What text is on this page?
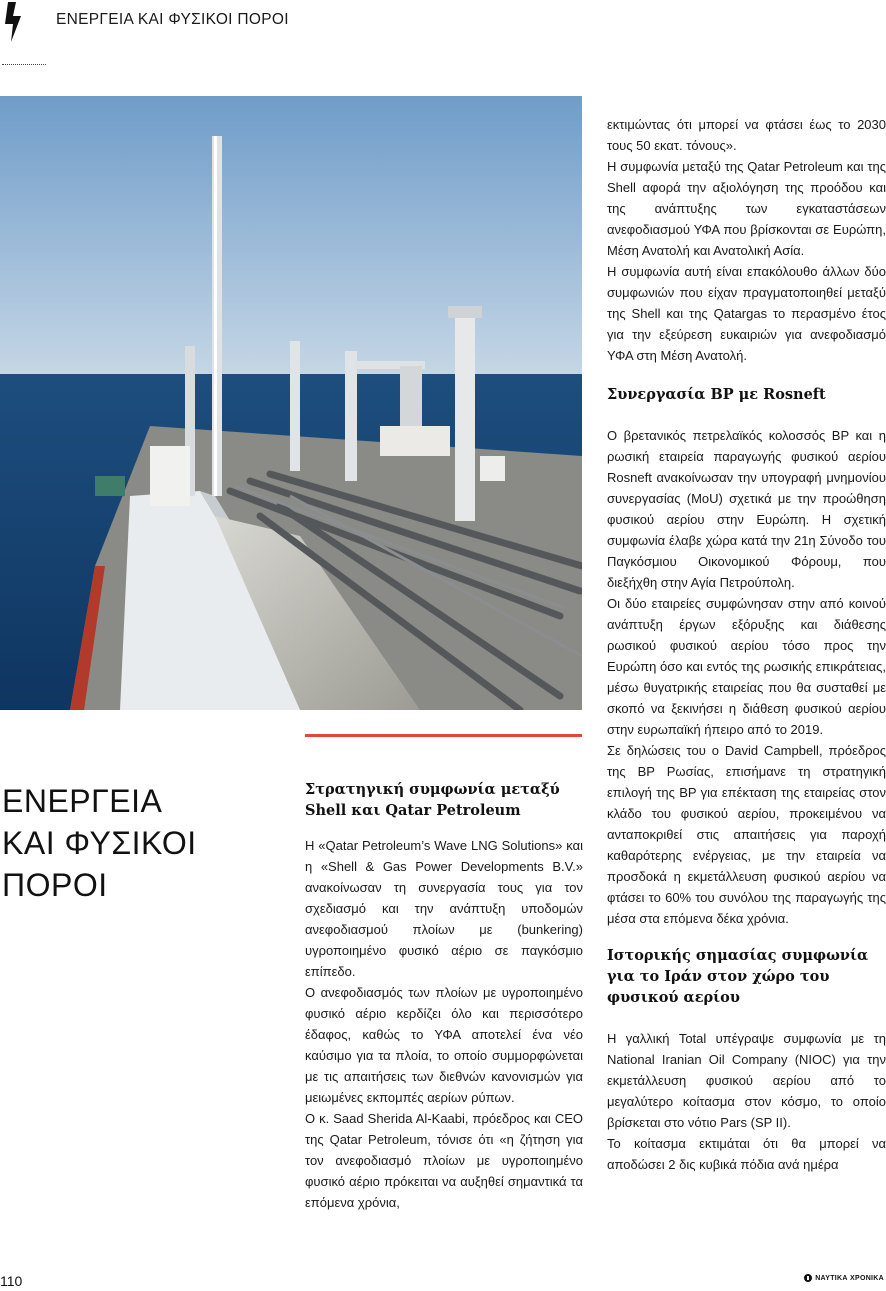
ΕΝΕΡΓΕΙΑ ΚΑΙ ΦΥΣΙΚΟΙ ΠΟΡΟΙ
ΕΝΕΡΓΕΙΑ
ΚΑΙ ΦΥΣΙΚΟΙ
ΠΟΡΟΙ
Στρατηγική συμφωνία μεταξύ Shell και Qatar Petroleum

Η «Qatar Petroleum’s Wave LNG Solutions» και η «Shell & Gas Power Developments B.V.» ανακοίνωσαν τη συνεργασία τους για τον σχεδιασμό και την ανάπτυξη υποδομών ανεφοδιασμού πλοίων με (bunkering) υγροποιημένο φυσικό αέριο σε παγκόσμιο επίπεδο.

Ο ανεφοδιασμός των πλοίων με υγροποιημένο φυσικό αέριο κερδίζει όλο και περισσότερο έδαφος, καθώς το ΥΦΑ αποτελεί ένα νέο καύσιμο για τα πλοία, το οποίο συμμορφώνεται με τις απαιτήσεις των διεθνών κανονισμών για μειωμένες εκπομπές αερίων ρύπων.

Ο κ. Saad Sherida Al-Kaabi, πρόεδρος και CEO της Qatar Petroleum, τόνισε ότι «η ζήτηση για τον ανεφοδιασμό πλοίων με υγροποιημένο φυσικό αέριο πρόκειται να αυξηθεί σημαντικά τα επόμενα χρόνια,

εκτιμώντας ότι μπορεί να φτάσει έως το 2030 τους 50 εκατ. τόνους».

Η συμφωνία μεταξύ της Qatar Petroleum και της Shell αφορά την αξιολόγηση της προόδου και της ανάπτυξης των εγκαταστάσεων ανεφοδιασμού ΥΦΑ που βρίσκονται σε Ευρώπη, Μέση Ανατολή και Ανατολική Ασία.

Η συμφωνία αυτή είναι επακόλουθο άλλων δύο συμφωνιών που είχαν πραγματοποιηθεί μεταξύ της Shell και της Qatargas το περασμένο έτος για την εξεύρεση ευκαιριών για ανεφοδιασμό ΥΦΑ στη Μέση Ανατολή.

Συνεργασία BP με Rosneft

Ο βρετανικός πετρελαϊκός κολοσσός BP και η ρωσική εταιρεία παραγωγής φυσικού αερίου Rosneft ανακοίνωσαν την υπογραφή μνημονίου συνεργασίας (MoU) σχετικά με την προώθηση φυσικού αερίου στην Ευρώπη. Η σχετική συμφωνία έλαβε χώρα κατά την 21η Σύνοδο του Παγκόσμιου Οικονομικού Φόρουμ, που διεξήχθη στην Αγία Πετρούπολη.

Οι δύο εταιρείες συμφώνησαν στην από κοινού ανάπτυξη έργων εξόρυξης και διάθεσης ρωσικού φυσικού αερίου τόσο προς την Ευρώπη όσο και εντός της ρωσικής επικράτειας, μέσω θυγατρικής εταιρείας που θα συσταθεί με σκοπό να ξεκινήσει η διάθεση φυσικού αερίου στην ευρωπαϊκή ήπειρο από το 2019.

Σε δηλώσεις του ο David Campbell, πρόεδρος της BP Ρωσίας, επισήμανε τη στρατηγική επιλογή της BP για επέκταση της εταιρείας στον κλάδο του φυσικού αερίου, προκειμένου να ανταποκριθεί στις απαιτήσεις για παροχή καθαρότερης ενέργειας, με την εταιρεία να προσδοκά η εκμετάλλευση φυσικού αερίου να φτάσει το 60% του συνόλου της παραγωγής της μέσα στα επόμενα δέκα χρόνια.

Ιστορικής σημασίας συμφωνία για το Ιράν στον χώρο του φυσικού αερίου

Η γαλλική Total υπέγραψε συμφωνία με τη National Iranian Oil Company (NIOC) για την εκμετάλλευση φυσικού αερίου από το μεγαλύτερο κοίτασμα στον κόσμο, το οποίο βρίσκεται στο νότιο Pars (SP II).

Το κοίτασμα εκτιμάται ότι θα μπορεί να αποδώσει 2 δις κυβικά πόδια ανά ημέρα

110	ΝΑΥΤΙΚΑ ΧΡΟΝΙΚΑ
